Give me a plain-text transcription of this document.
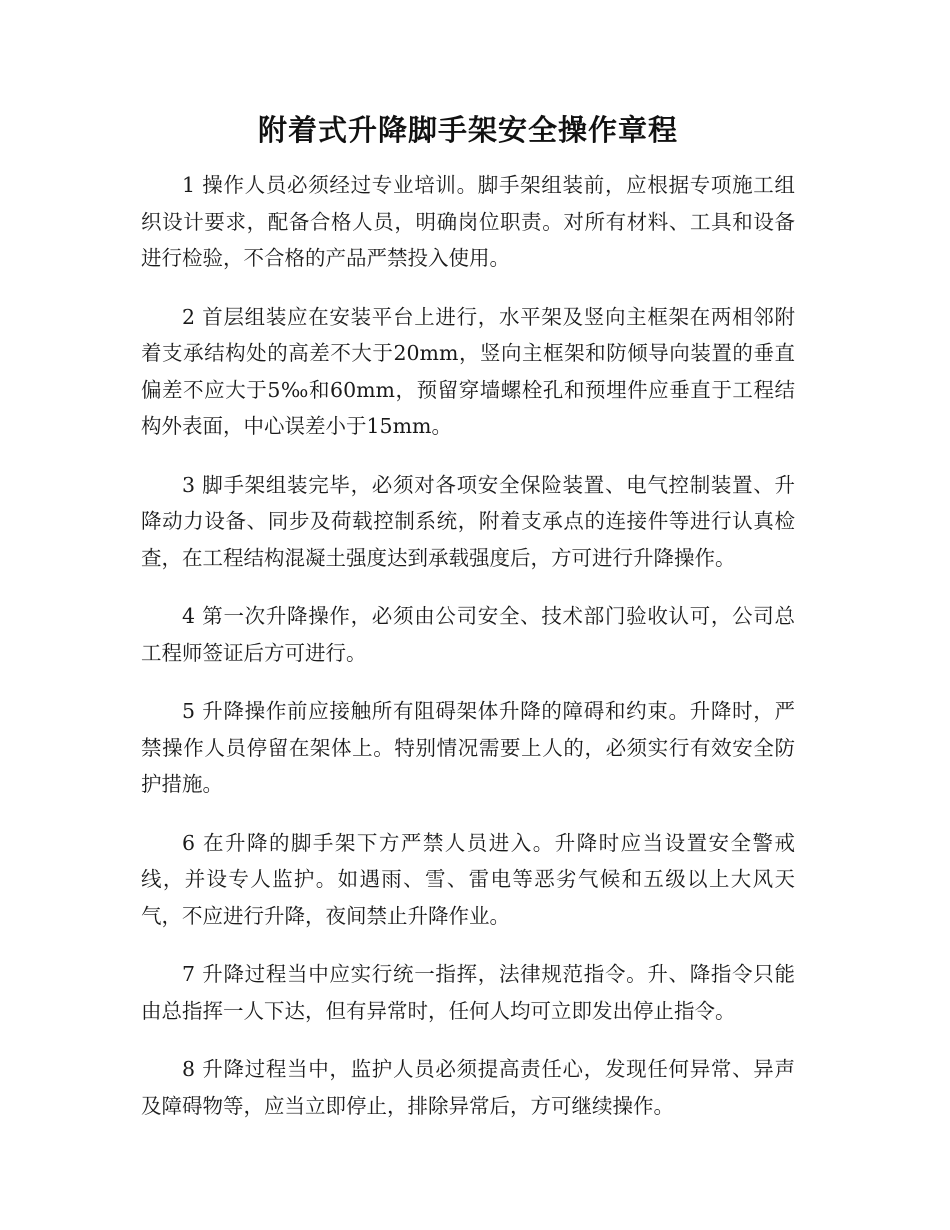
附着式升降脚手架安全操作章程

1 操作人员必须经过专业培训。脚手架组装前，应根据专项施工组织设计要求，配备合格人员，明确岗位职责。对所有材料、工具和设备进行检验，不合格的产品严禁投入使用。

2 首层组装应在安装平台上进行，水平架及竖向主框架在两相邻附着支承结构处的高差不大于20mm，竖向主框架和防倾导向装置的垂直偏差不应大于5‰和60mm，预留穿墙螺栓孔和预埋件应垂直于工程结构外表面，中心误差小于15mm。

3 脚手架组装完毕，必须对各项安全保险装置、电气控制装置、升降动力设备、同步及荷载控制系统，附着支承点的连接件等进行认真检查，在工程结构混凝土强度达到承载强度后，方可进行升降操作。

4 第一次升降操作，必须由公司安全、技术部门验收认可，公司总工程师签证后方可进行。

5 升降操作前应接触所有阻碍架体升降的障碍和约束。升降时，严禁操作人员停留在架体上。特别情况需要上人的，必须实行有效安全防护措施。

6 在升降的脚手架下方严禁人员进入。升降时应当设置安全警戒线，并设专人监护。如遇雨、雪、雷电等恶劣气候和五级以上大风天气，不应进行升降，夜间禁止升降作业。

7 升降过程当中应实行统一指挥，法律规范指令。升、降指令只能由总指挥一人下达，但有异常时，任何人均可立即发出停止指令。

8 升降过程当中，监护人员必须提高责任心，发现任何异常、异声及障碍物等，应当立即停止，排除异常后，方可继续操作。
